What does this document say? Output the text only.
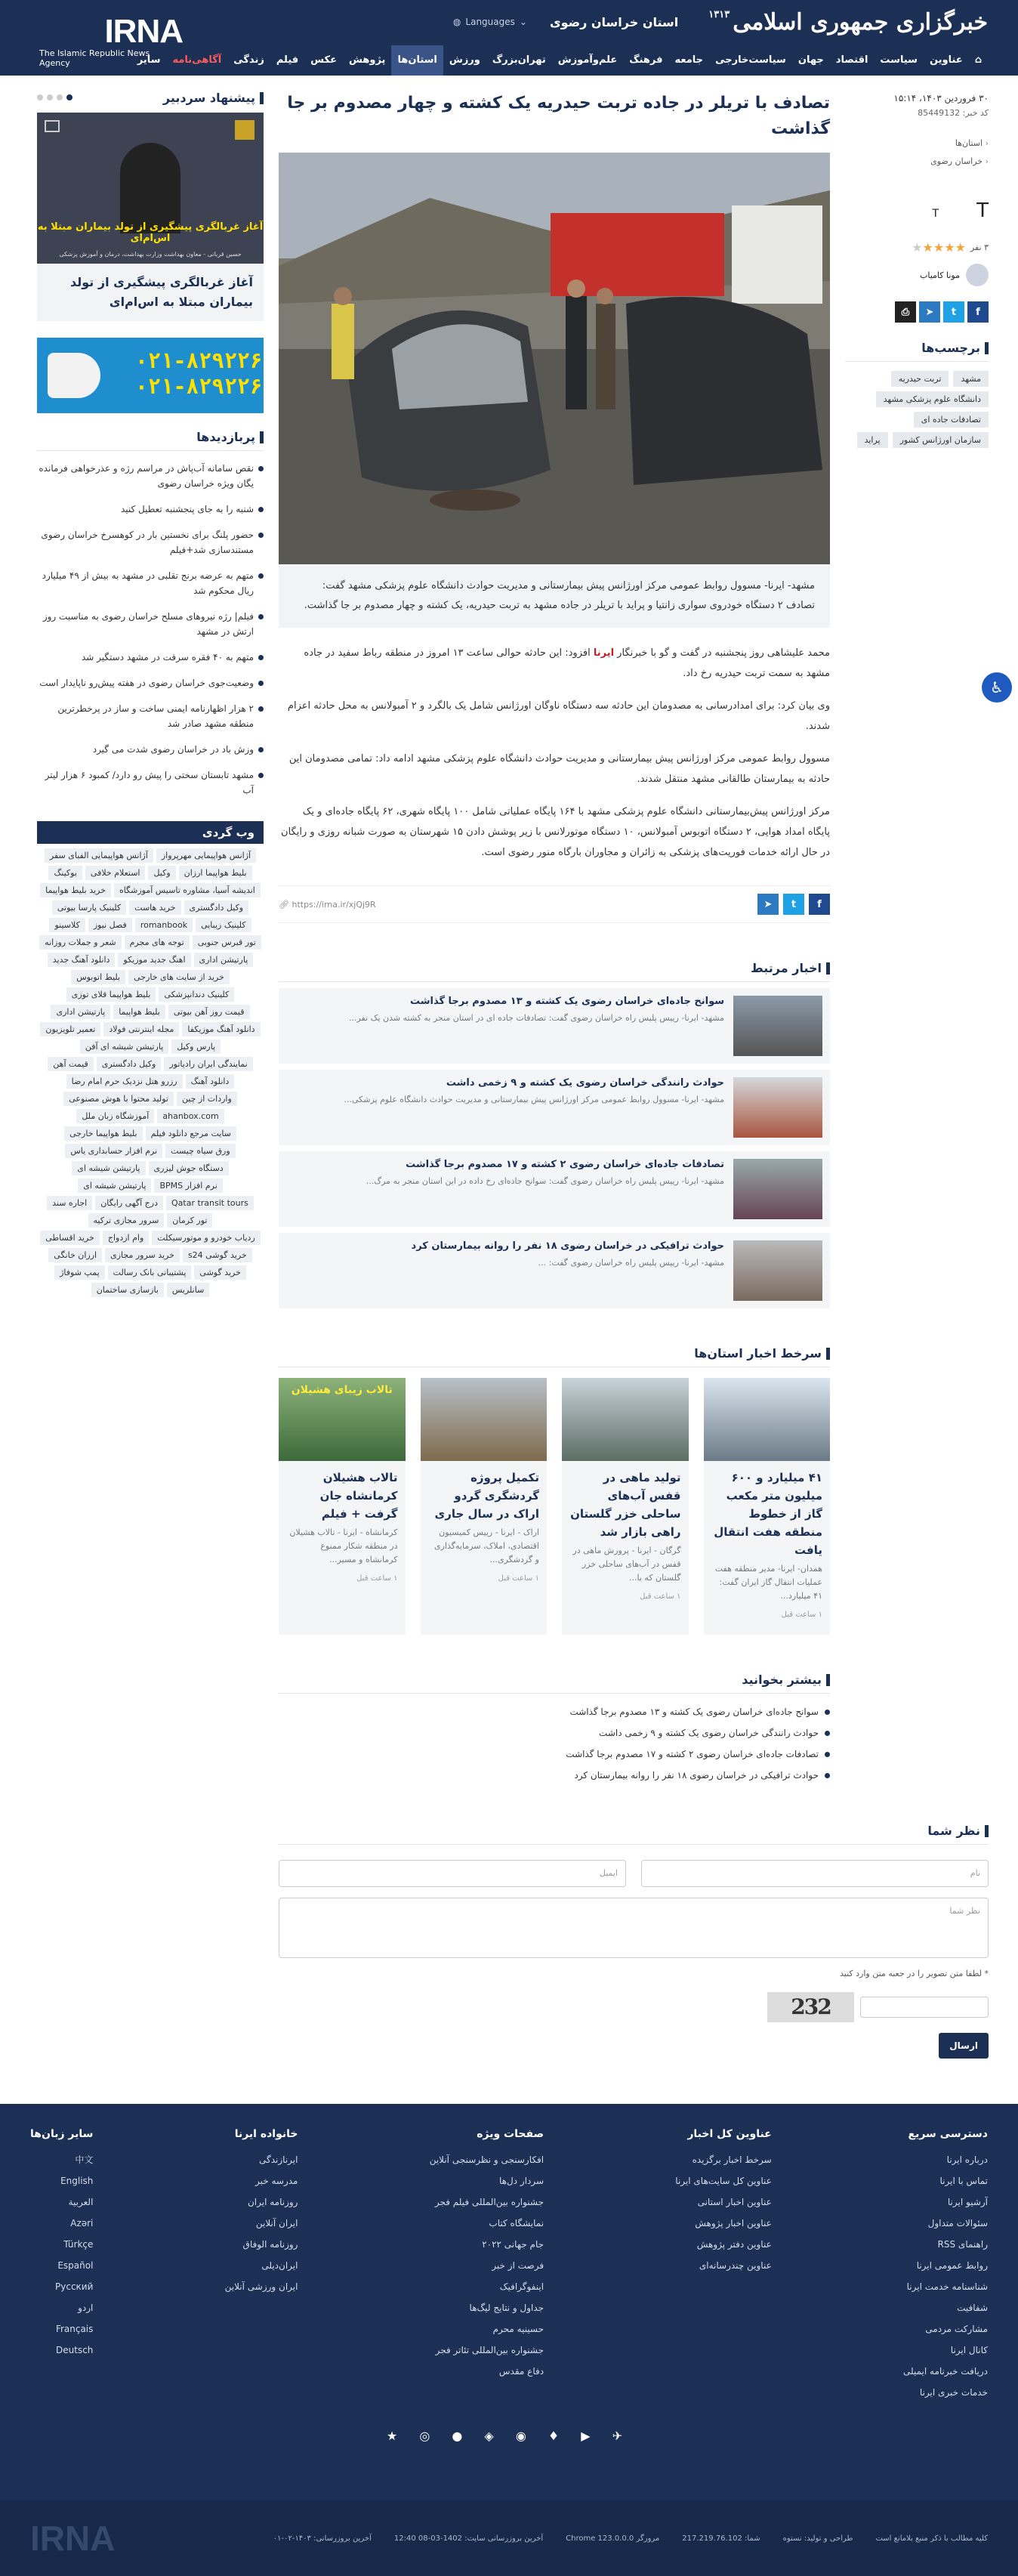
خبرگزاری جمهوری اسلامی
۱۳۱۳
استان خراسان رضوی
⌄
Languages
◍
IRNA
The Islamic Republic News Agency	⌂
عناوین
سیاست
اقتصاد
جهان
سیاست‌خارجی
جامعه
فرهنگ
علم‌وآموزش
تهران‌بزرگ
ورزش
استان‌ها
پژوهش
عکس
فیلم
زندگی
آگاهی‌نامه
سایر
۳۰ فروردین ۱۴۰۳، ۱۵:۱۴
کد خبر: 85449132
‹ استان‌ها
‹ خراسان رضوی
T
T
۳ نفر
★★★★★
مونا کامیاب
f
t
➤
⎙
برچسب‌ها
مشهد
تربت حیدریه
دانشگاه علوم پزشکی مشهد
تصادفات جاده ای
سازمان اورژانس کشور
پراید
تصادف با تریلر در جاده تربت حیدریه یک کشته و چهار مصدوم بر جا گذاشت
مشهد- ایرنا- مسوول روابط عمومی مرکز اورژانس پیش بیمارستانی و مدیریت حوادث دانشگاه علوم پزشکی مشهد گفت: تصادف ۲ دستگاه خودروی سواری زانتیا و پراید با تریلر در جاده مشهد به تربت حیدریه، یک کشته و چهار مصدوم بر جا گذاشت.

محمد علیشاهی روز پنجشنبه در گفت و گو با خبرنگار ایرنا افزود: این حادثه حوالی ساعت ۱۳ امروز در منطقه رباط سفید در جاده مشهد به سمت تربت حیدریه رخ داد.

وی بیان کرد: برای امدادرسانی به مصدومان این حادثه سه دستگاه ناوگان اورژانس شامل یک بالگرد و ۲ آمبولانس به محل حادثه اعزام شدند.

مسوول روابط عمومی مرکز اورژانس پیش بیمارستانی و مدیریت حوادث دانشگاه علوم پزشکی مشهد ادامه داد: تمامی مصدومان این حادثه به بیمارستان طالقانی مشهد منتقل شدند.

مرکز اورژانس پیش‌بیمارستانی دانشگاه علوم پزشکی مشهد با ۱۶۴ پایگاه عملیاتی شامل ۱۰۰ پایگاه شهری، ۶۲ پایگاه جاده‌ای و یک پایگاه امداد هوایی، ۲ دستگاه اتوبوس آمبولانس، ۱۰ دستگاه موتورلانس با زیر پوشش دادن ۱۵ شهرستان به صورت شبانه روزی و رایگان در حال ارائه خدمات فوریت‌های پزشکی به زائران و مجاوران بارگاه منور رضوی است.

f
t
➤
🔗︎ https://irna.ir/xjQj9R
اخبار مرتبط
سوانح جاده‌ای خراسان رضوی یک کشته و ۱۳ مصدوم برجا گذاشت
مشهد- ایرنا- رییس پلیس راه خراسان رضوی گفت: تصادفات جاده ای در استان منجر به کشته شدن یک نفر...
حوادث رانندگی خراسان رضوی یک کشته و ۹ زخمی داشت
مشهد- ایرنا- مسوول روابط عمومی مرکز اورژانس پیش بیمارستانی و مدیریت حوادث دانشگاه علوم پزشکی...
تصادفات جاده‌ای خراسان رضوی ۲ کشته و ۱۷ مصدوم برجا گذاشت
مشهد- ایرنا- رییس پلیس راه خراسان رضوی گفت: سوانح جاده‌ای رخ داده در این استان منجر به مرگ...
حوادث ترافیکی در خراسان رضوی ۱۸ نفر را روانه بیمارستان کرد
مشهد- ایرنا- رییس پلیس راه خراسان رضوی گفت: ...
سرخط اخبار استان‌ها
۴۱ میلیارد و ۶۰۰ میلیون متر مکعب گاز از خطوط منطقه هفت انتقال یافت
همدان- ایرنا- مدیر منطقه هفت عملیات انتقال گاز ایران گفت: ۴۱ میلیارد...
۱ ساعت قبل
تولید ماهی در قفس آب‌های ساحلی خزر گلستان راهی بازار شد
گرگان - ایرنا - پرورش ماهی در قفس در آب‌های ساحلی خزر گلستان که با...
۱ ساعت قبل
تکمیل پروژه گردشگری گردو اراک در سال جاری
اراک - ایرنا - رییس کمیسیون اقتصادی، املاک، سرمایه‌گذاری و گردشگری...
۱ ساعت قبل
تالاب زیبای هشیلان
تالاب هشیلان کرمانشاه جان گرفت + فیلم
کرمانشاه - ایرنا - تالاب هشیلان در منطقه شکار ممنوع کرمانشاه و مسیر...
۱ ساعت قبل
بیشتر بخوانید
سوانح جاده‌ای خراسان رضوی یک کشته و ۱۳ مصدوم برجا گذاشت
حوادث رانندگی خراسان رضوی یک کشته و ۹ زخمی داشت
تصادفات جاده‌ای خراسان رضوی ۲ کشته و ۱۷ مصدوم برجا گذاشت
حوادث ترافیکی در خراسان رضوی ۱۸ نفر را روانه بیمارستان کرد
پیشنهاد سردبیر
آغاز غربالگری پیشگیری از تولد بیماران مبتلا به اس‌ام‌ای
حسین قربانی - معاون بهداشت وزارت بهداشت، درمان و آموزش پزشکی
آغاز غربالگری پیشگیری از تولد بیماران مبتلا به اس‌ام‌ای
۰۲۱-۸۲۹۲۲۶
۰۲۱-۸۲۹۲۲۶
پربازدیدها
نقص سامانه آب‌پاش در مراسم رژه و عذرخواهی فرمانده یگان ویژه خراسان رضوی
شنبه را به جای پنجشنبه تعطیل کنید
حضور پلنگ برای نخستین بار در کوهسرخ خراسان رضوی مستندسازی شد+فیلم
متهم به عرضه برنج تقلبی در مشهد به بیش از ۴۹ میلیارد ریال محکوم شد
فیلم| رژه نیروهای مسلح خراسان رضوی به مناسبت روز ارتش در مشهد
متهم به ۴۰ فقره سرقت در مشهد دستگیر شد
وضعیت‌جوی خراسان رضوی در هفته پیش‌رو ناپایدار است
۲ هزار اظهارنامه ایمنی ساخت و ساز در پرخطرترین منطقه مشهد صادر شد
وزش باد در خراسان رضوی شدت می گیرد
مشهد تابستان سختی را پیش رو دارد/ کمبود ۶ هزار لیتر آب
وب گردی
آژانس هواپیمایی مهرپرواز
آژانس هواپیمایی الفبای سفر
بلیط هواپیما ارزان
وکیل
استعلام خلافی
بوکینگ
اندیشه آسیا، مشاوره تاسیس آموزشگاه
خرید بلیط هواپیما
وکیل دادگستری
خرید هاست
کلینیک پارسا بیوتی
کلینیک زیبایی
romanbook
فصل نیوز
کلاسینو
تور قبرس جنوبی
توجه های مجرم
شعر و جملات روزانه
پارتیشن اداری
اهنگ جدید موزیکو
دانلود آهنگ جدید
خرید از سایت های خارجی
بلیط اتوبوس
کلینیک دندانپزشکی
بلیط هواپیما قلای توزی
قیمت روز آهن بیوتی
بلیط هواپیما
پارتیشن اداری
دانلود آهنگ موزیکفا
مجله اینترنتی فولاد
تعمیر تلویزیون
پارس وکیل
پارتیشن شیشه ای آفن
نمایندگی ایران رادیاتور
وکیل دادگستری
قیمت آهن
دانلود آهنگ
رزرو هتل نزدیک حرم امام رضا
واردات از چین
تولید محتوا با هوش مصنوعی
ahanbox.com
آموزشگاه زبان ملل
سایت مرجع دانلود فیلم
بلیط هواپیما خارجی
ورق سیاه چیست
نرم افزار حسابداری یاس
دستگاه جوش لیزری
پارتیشن شیشه ای
نرم افزار BPMS
پارتیشن شیشه ای
Qatar transit tours
درج آگهی رایگان
اجاره سند
تور کرمان
سرور مجازی ترکیه
ردیاب خودرو و موتورسیکلت
وام ازدواج
خرید اقساطی
خرید گوشی s24
خرید سرور مجازی
ارزان خانگی
خرید گوشی
پشتیبانی بانک رسالت
پمپ شوفاژ
سانلریس
بازسازی ساختمان
نظر شما
نام
ایمیل
نظر شما
* لطفا متن تصویر را در جعبه متن وارد کنید
232
ارسال
دسترسی سریع
درباره ایرنا
تماس با ایرنا
آرشیو ایرنا
سئوالات متداول
راهنمای RSS
روابط عمومی ایرنا
شناسنامه خدمت ایرنا
شفافیت
مشارکت مردمی
کانال ایرنا
دریافت خبرنامه ایمیلی
خدمات خبری ایرنا
عناوین کل اخبار
سرخط اخبار برگزیده
عناوین کل سایت‌های ایرنا
عناوین اخبار استانی
عناوین اخبار پژوهش
عناوین دفتر پژوهش
عناوین چندرسانه‌ای
صفحات ویژه
افکارسنجی و نظرسنجی آنلاین
سردار دل‌ها
جشنواره بین‌المللی فیلم فجر
نمایشگاه کتاب
جام جهانی ۲۰۲۲
فرصت از خبر
اینفوگرافیک
جداول و نتایج لیگ‌ها
حسینیه محرم
جشنواره بین‌المللی تئاتر فجر
دفاع مقدس
خانواده ایرنا
ایرنازندگی
مدرسه خبر
روزنامه ایران
ایران آنلاین
روزنامه الوفاق
ایران‌دیلی
ایران ورزشی آنلاین
سایر زبان‌ها
中文
English
العربية
Azəri
Türkçe
Español
Русский
اردو
Français
Deutsch
✈ ▶ ♦ ◉ ◈ ● ◎ ★
کلیه مطالب با ذکر منبع بلامانع است
طراحی و تولید: نستوه
شما: 217.219.76.102
مرورگر Chrome 123.0.0.0
آخرین بروزرسانی سایت: 1402-03-08 12:40
آخرین بروزرسانی: ۱۴۰۳-۰۲-۰۱
IRNA
♿︎
